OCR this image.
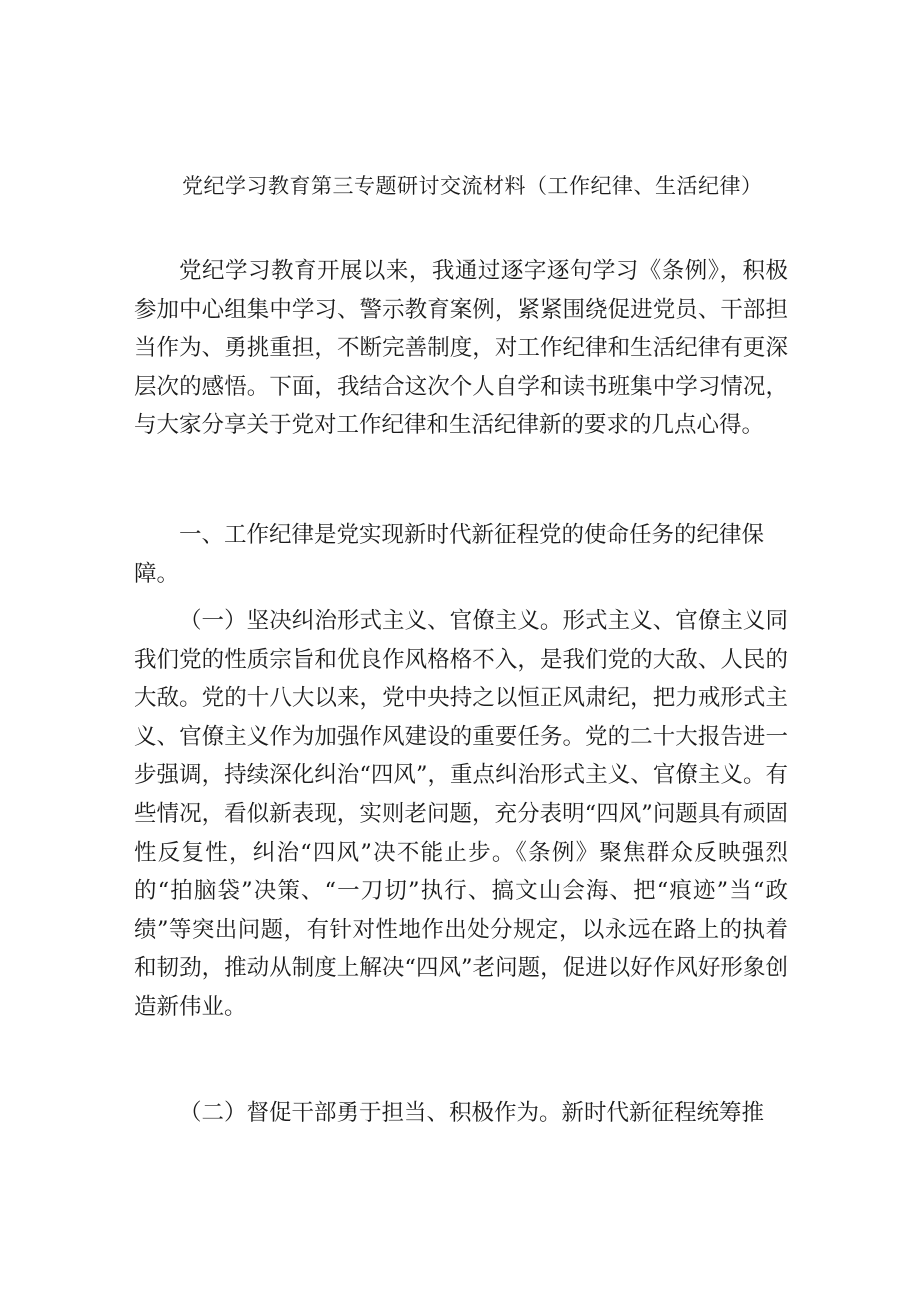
党纪学习教育第三专题研讨交流材料（工作纪律、生活纪律）

党纪学习教育开展以来，我通过逐字逐句学习《条例》，积极参加中心组集中学习、警示教育案例，紧紧围绕促进党员、干部担当作为、勇挑重担，不断完善制度，对工作纪律和生活纪律有更深层次的感悟。下面，我结合这次个人自学和读书班集中学习情况，与大家分享关于党对工作纪律和生活纪律新的要求的几点心得。

一、工作纪律是党实现新时代新征程党的使命任务的纪律保障。

（一）坚决纠治形式主义、官僚主义。形式主义、官僚主义同我们党的性质宗旨和优良作风格格不入，是我们党的大敌、人民的大敌。党的十八大以来，党中央持之以恒正风肃纪，把力戒形式主义、官僚主义作为加强作风建设的重要任务。党的二十大报告进一步强调，持续深化纠治“四风”，重点纠治形式主义、官僚主义。有些情况，看似新表现，实则老问题，充分表明“四风”问题具有顽固性反复性，纠治“四风”决不能止步。《条例》聚焦群众反映强烈的“拍脑袋”决策、“一刀切”执行、搞文山会海、把“痕迹”当“政绩”等突出问题，有针对性地作出处分规定，以永远在路上的执着和韧劲，推动从制度上解决“四风”老问题，促进以好作风好形象创造新伟业。

（二）督促干部勇于担当、积极作为。新时代新征程统筹推
